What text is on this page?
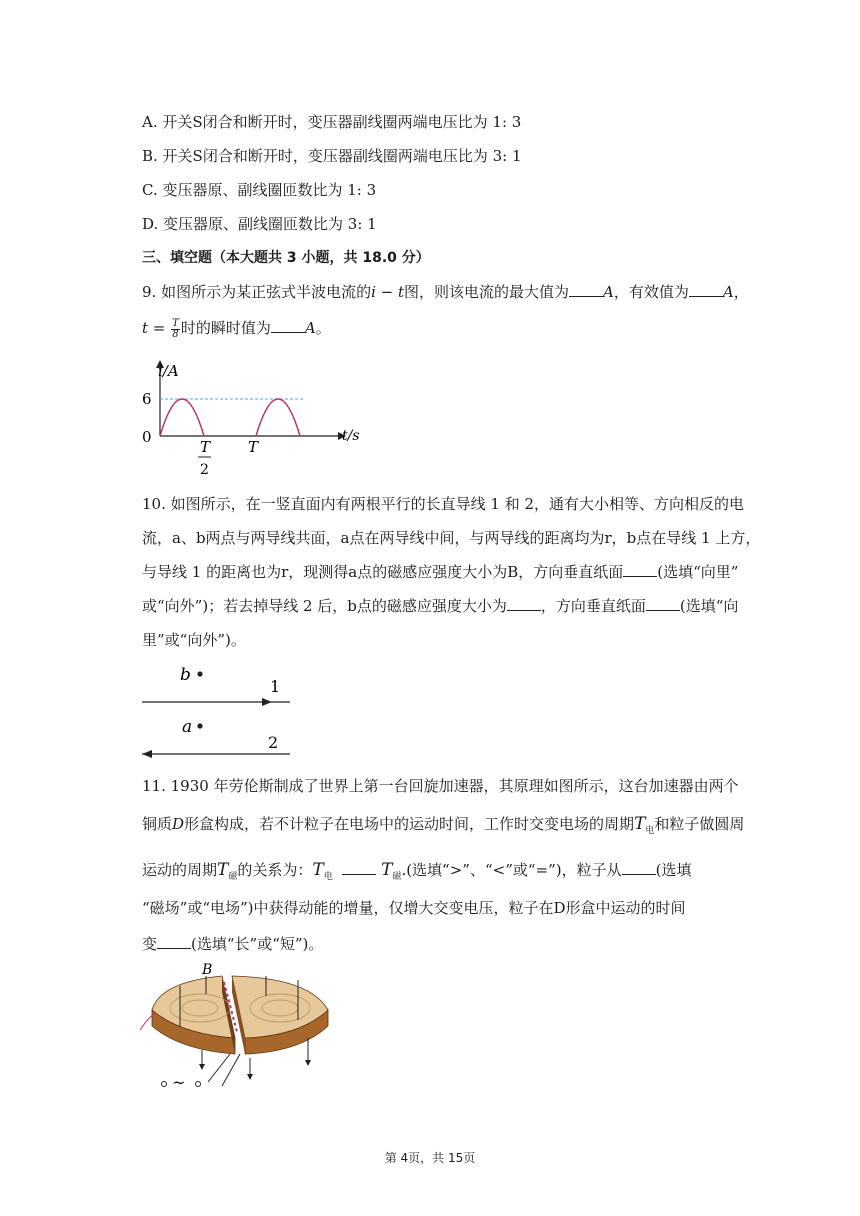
A. 开关S闭合和断开时，变压器副线圈两端电压比为 1: 3
B. 开关S闭合和断开时，变压器副线圈两端电压比为 3: 1
C. 变压器原、副线圈匝数比为 1: 3
D. 变压器原、副线圈匝数比为 3: 1
三、填空题（本大题共 3 小题，共 18.0 分）
9. 如图所示为某正弦式半波电流的i − t图，则该电流的最大值为 A，有效值为 A，
$t = \frac{T}{8}$ 时的瞬时值为 A。
i/A
t/s
6
0
T
2
T
10. 如图所示，在一竖直面内有两根平行的长直导线 1 和 2，通有大小相等、方向相反的电
流，a、b两点与两导线共面，a点在两导线中间，与两导线的距离均为r，b点在导线 1 上方，
与导线 1 的距离也为r，现测得a点的磁感应强度大小为B，方向垂直纸面 (选填“向里”
或“向外”)；若去掉导线 2 后，b点的磁感应强度大小为 ，方向垂直纸面 (选填“向
里”或“向外”)。
b
1
a
2
11. 1930 年劳伦斯制成了世界上第一台回旋加速器，其原理如图所示，这台加速器由两个
铜质D形盒构成，若不计粒子在电场中的运动时间，工作时交变电场的周期$T_电$和粒子做圆周
运动的周期$T_磁$的关系为：$T_电$	$T_磁$.(选填“>”、“<”或“=”)，粒子从 (选填
“磁场”或“电场”)中获得动能的增量，仅增大交变电压，粒子在D形盒中运动的时间
变 (选填“长”或“短”)。
B
~
第 4页，共 15页
